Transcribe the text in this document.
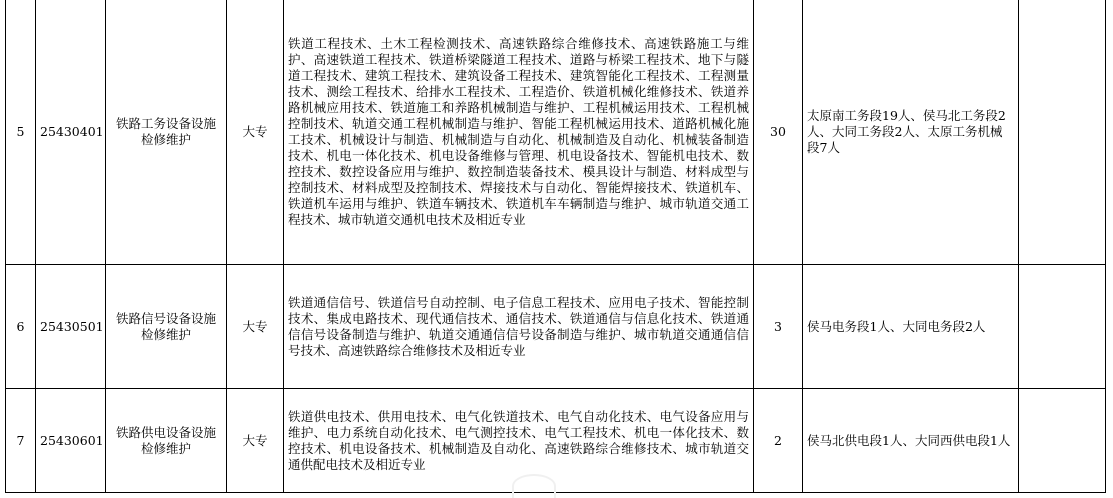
5	25430401	铁路工务设备设施检修维护	大专	铁道工程技术、土木工程检测技术、高速铁路综合维修技术、高速铁路施工与维护、高速铁道工程技术、铁道桥梁隧道工程技术、道路与桥梁工程技术、地下与隧道工程技术、建筑工程技术、建筑设备工程技术、建筑智能化工程技术、工程测量技术、测绘工程技术、给排水工程技术、工程造价、铁道机械化维修技术、铁道养路机械应用技术、铁道施工和养路机械制造与维护、工程机械运用技术、工程机械控制技术、轨道交通工程机械制造与维护、智能工程机械运用技术、道路机械化施工技术、机械设计与制造、机械制造与自动化、机械制造及自动化、机械装备制造技术、机电一体化技术、机电设备维修与管理、机电设备技术、智能机电技术、数控技术、数控设备应用与维护、数控制造装备技术、模具设计与制造、材料成型与控制技术、材料成型及控制技术、焊接技术与自动化、智能焊接技术、铁道机车、铁道机车运用与维护、铁道车辆技术、铁道机车车辆制造与维护、城市轨道交通工程技术、城市轨道交通机电技术及相近专业	30	太原南工务段19人、侯马北工务段2人、大同工务段2人、太原工务机械段7人	
6	25430501	铁路信号设备设施检修维护	大专	铁道通信信号、铁道信号自动控制、电子信息工程技术、应用电子技术、智能控制技术、集成电路技术、现代通信技术、通信技术、铁道通信与信息化技术、铁道通信信号设备制造与维护、轨道交通通信信号设备制造与维护、城市轨道交通通信信号技术、高速铁路综合维修技术及相近专业	3	侯马电务段1人、大同电务段2人	
7	25430601	铁路供电设备设施检修维护	大专	铁道供电技术、供用电技术、电气化铁道技术、电气自动化技术、电气设备应用与维护、电力系统自动化技术、电气测控技术、电气工程技术、机电一体化技术、数控技术、机电设备技术、机械制造及自动化、高速铁路综合维修技术、城市轨道交通供配电技术及相近专业	2	侯马北供电段1人、大同西供电段1人	
